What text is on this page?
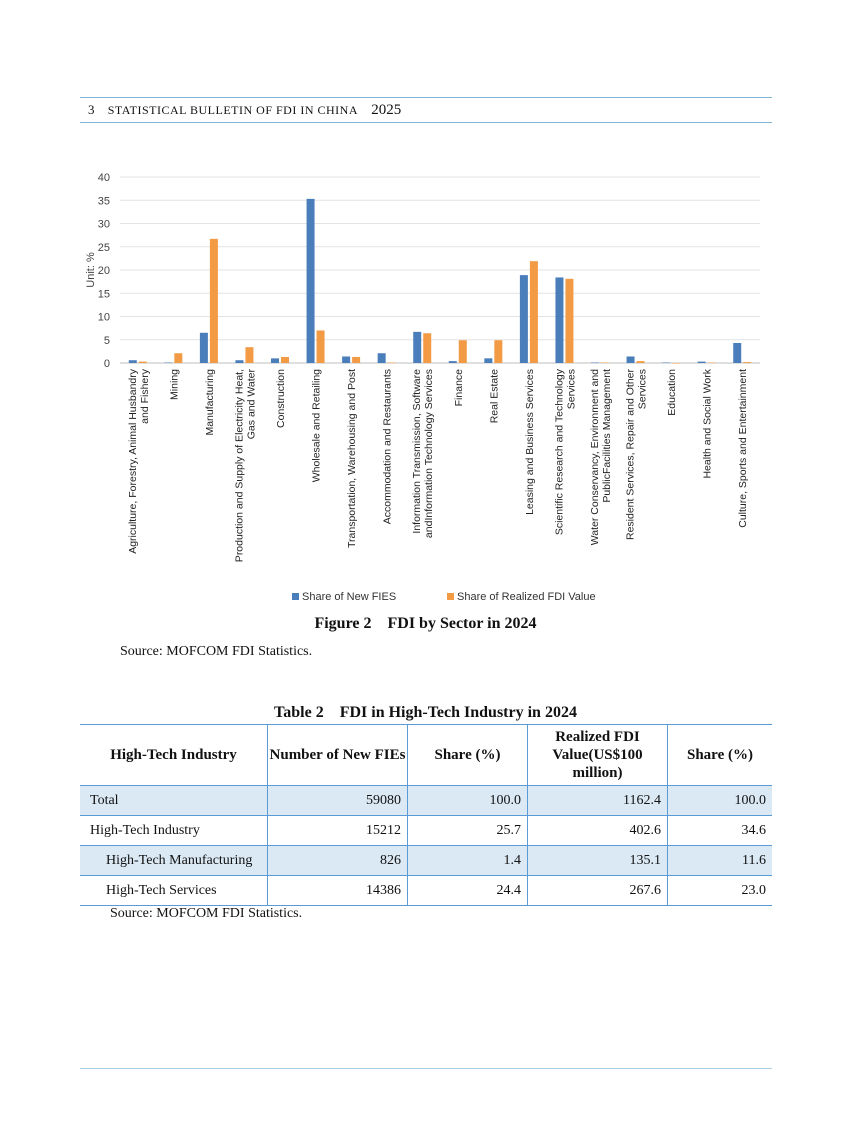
3 STATISTICAL BULLETIN OF FDI IN CHINA 2025
0
5
10
15
20
25
30
35
40
Unit: %
Agriculture, Forestry, Animal Husbandryand Fishery Mining Manufacturing Production and Supply of Electricity Heat,Gas and Water Construction Wholesale and Retailing Transportation, Warehousing and Post Accommodation and Restaurants Information Transmission, SoftwareandInformation Technology Services Finance Real Estate Leasing and Business Services Scientific Research and TechnologyServices Water Conservancy, Environment andPublicFacilities Management Resident Services, Repair and OtherServices Education Health and Social Work Culture, Sports and Entertainment
Share of New FIES	Share of Realized FDI Value
Figure 2    FDI by Sector in 2024
Source: MOFCOM FDI Statistics.
Table 2    FDI in High-Tech Industry in 2024
High-Tech Industry	Number of New FIEs	Share (%)	Realized FDI Value(US$100 million)	Share (%)
Total	59080	100.0	1162.4	100.0
High-Tech Industry	15212	25.7	402.6	34.6
High-Tech Manufacturing	826	1.4	135.1	11.6
High-Tech Services	14386	24.4	267.6	23.0
Source: MOFCOM FDI Statistics.
